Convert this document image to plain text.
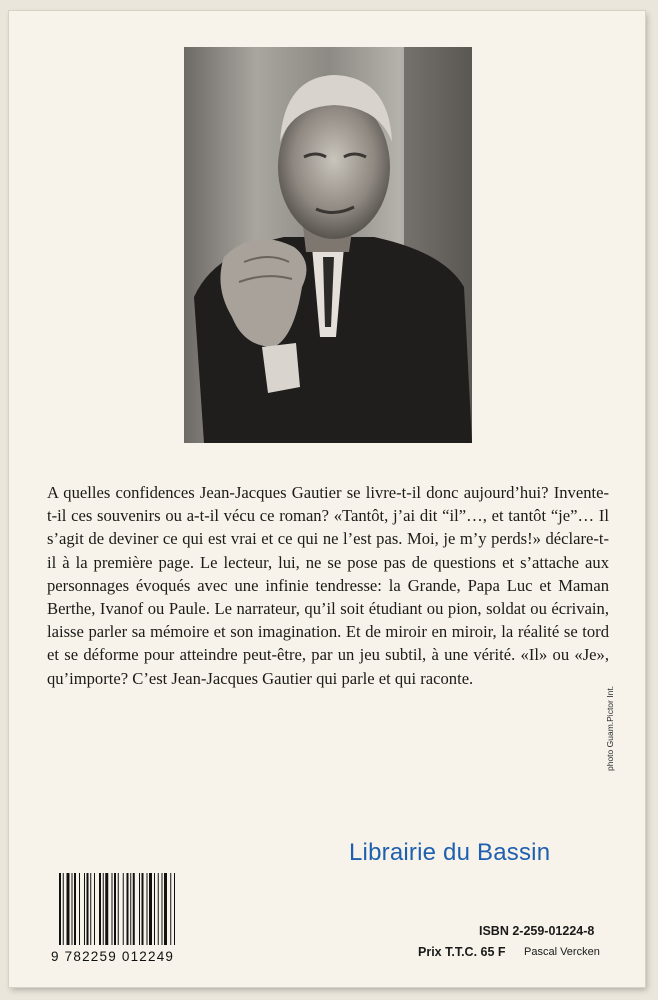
A quelles confidences Jean-Jacques Gautier se livre-t-il donc aujourd’hui? Invente-t-il ces souvenirs ou a-t-il vécu ce roman? «Tantôt, j’ai dit “il”…, et tantôt “je”… Il s’agit de deviner ce qui est vrai et ce qui ne l’est pas. Moi, je m’y perds!» déclare-t-il à la première page. Le lecteur, lui, ne se pose pas de questions et s’attache aux personnages évoqués avec une infinie tendresse: la Grande, Papa Luc et Maman Berthe, Ivanof ou Paule. Le narrateur, qu’il soit étudiant ou pion, soldat ou écrivain, laisse parler sa mémoire et son imagination. Et de miroir en miroir, la réalité se tord et se déforme pour atteindre peut-être, par un jeu subtil, à une vérité. «Il» ou «Je», qu’importe? C’est Jean-Jacques Gautier qui parle et qui raconte.

photo Guam.Pictor Int.
Librairie du Bassin
9 782259 012249
ISBN 2-259-01224-8
Prix T.T.C. 65 F Pascal Vercken
